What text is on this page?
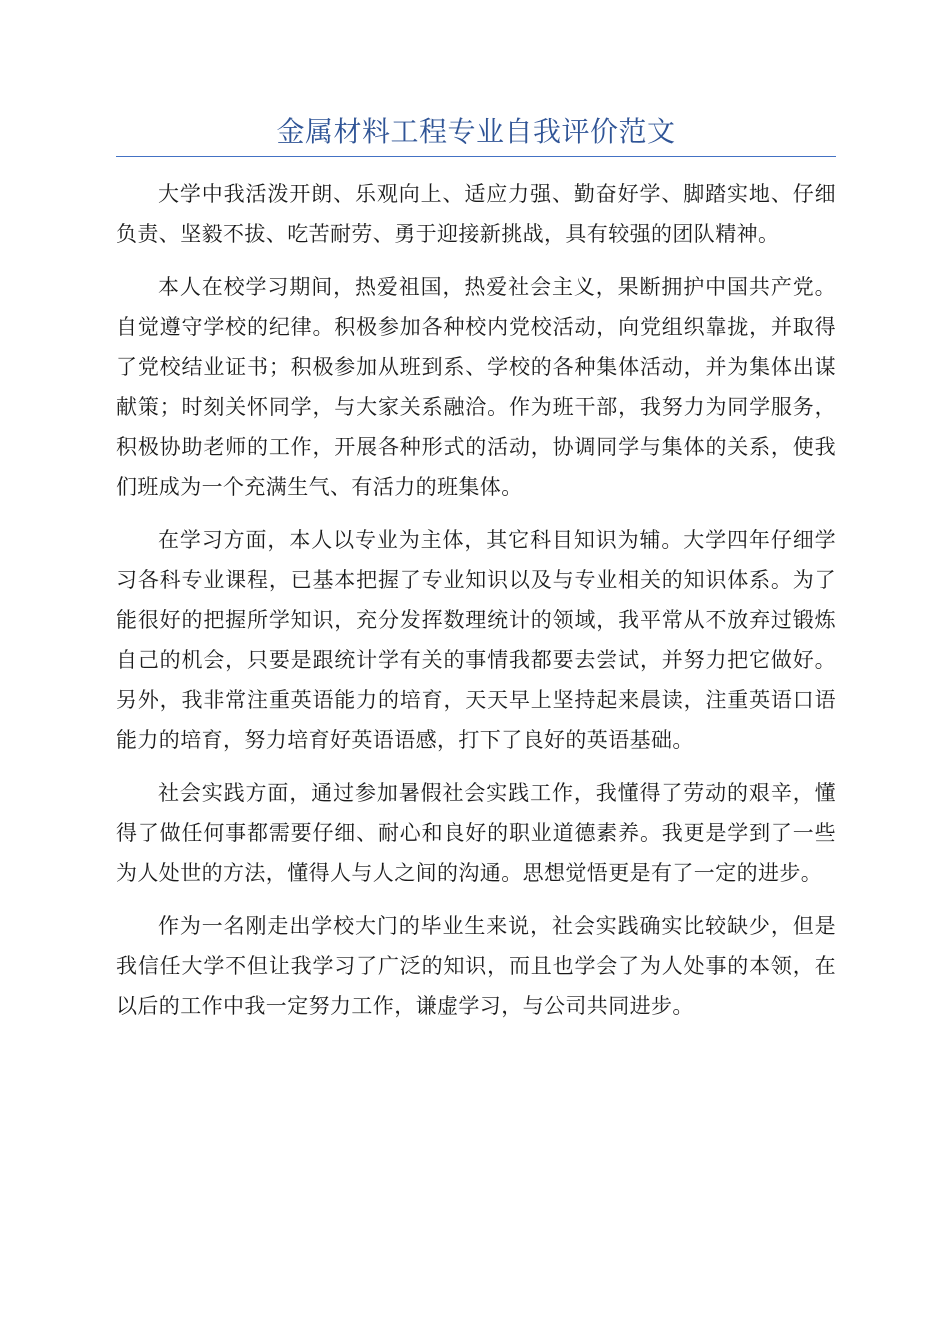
金属材料工程专业自我评价范文

大学中我活泼开朗、乐观向上、适应力强、勤奋好学、脚踏实地、仔细负责、坚毅不拔、吃苦耐劳、勇于迎接新挑战，具有较强的团队精神。

本人在校学习期间，热爱祖国，热爱社会主义，果断拥护中国共产党。自觉遵守学校的纪律。积极参加各种校内党校活动，向党组织靠拢，并取得了党校结业证书；积极参加从班到系、学校的各种集体活动，并为集体出谋献策；时刻关怀同学，与大家关系融洽。作为班干部，我努力为同学服务，积极协助老师的工作，开展各种形式的活动，协调同学与集体的关系，使我们班成为一个充满生气、有活力的班集体。

在学习方面，本人以专业为主体，其它科目知识为辅。大学四年仔细学习各科专业课程，已基本把握了专业知识以及与专业相关的知识体系。为了能很好的把握所学知识，充分发挥数理统计的领域，我平常从不放弃过锻炼自己的机会，只要是跟统计学有关的事情我都要去尝试，并努力把它做好。另外，我非常注重英语能力的培育，天天早上坚持起来晨读，注重英语口语能力的培育，努力培育好英语语感，打下了良好的英语基础。

社会实践方面，通过参加暑假社会实践工作，我懂得了劳动的艰辛，懂得了做任何事都需要仔细、耐心和良好的职业道德素养。我更是学到了一些为人处世的方法，懂得人与人之间的沟通。思想觉悟更是有了一定的进步。

作为一名刚走出学校大门的毕业生来说，社会实践确实比较缺少，但是我信任大学不但让我学习了广泛的知识，而且也学会了为人处事的本领，在以后的工作中我一定努力工作，谦虚学习，与公司共同进步。
